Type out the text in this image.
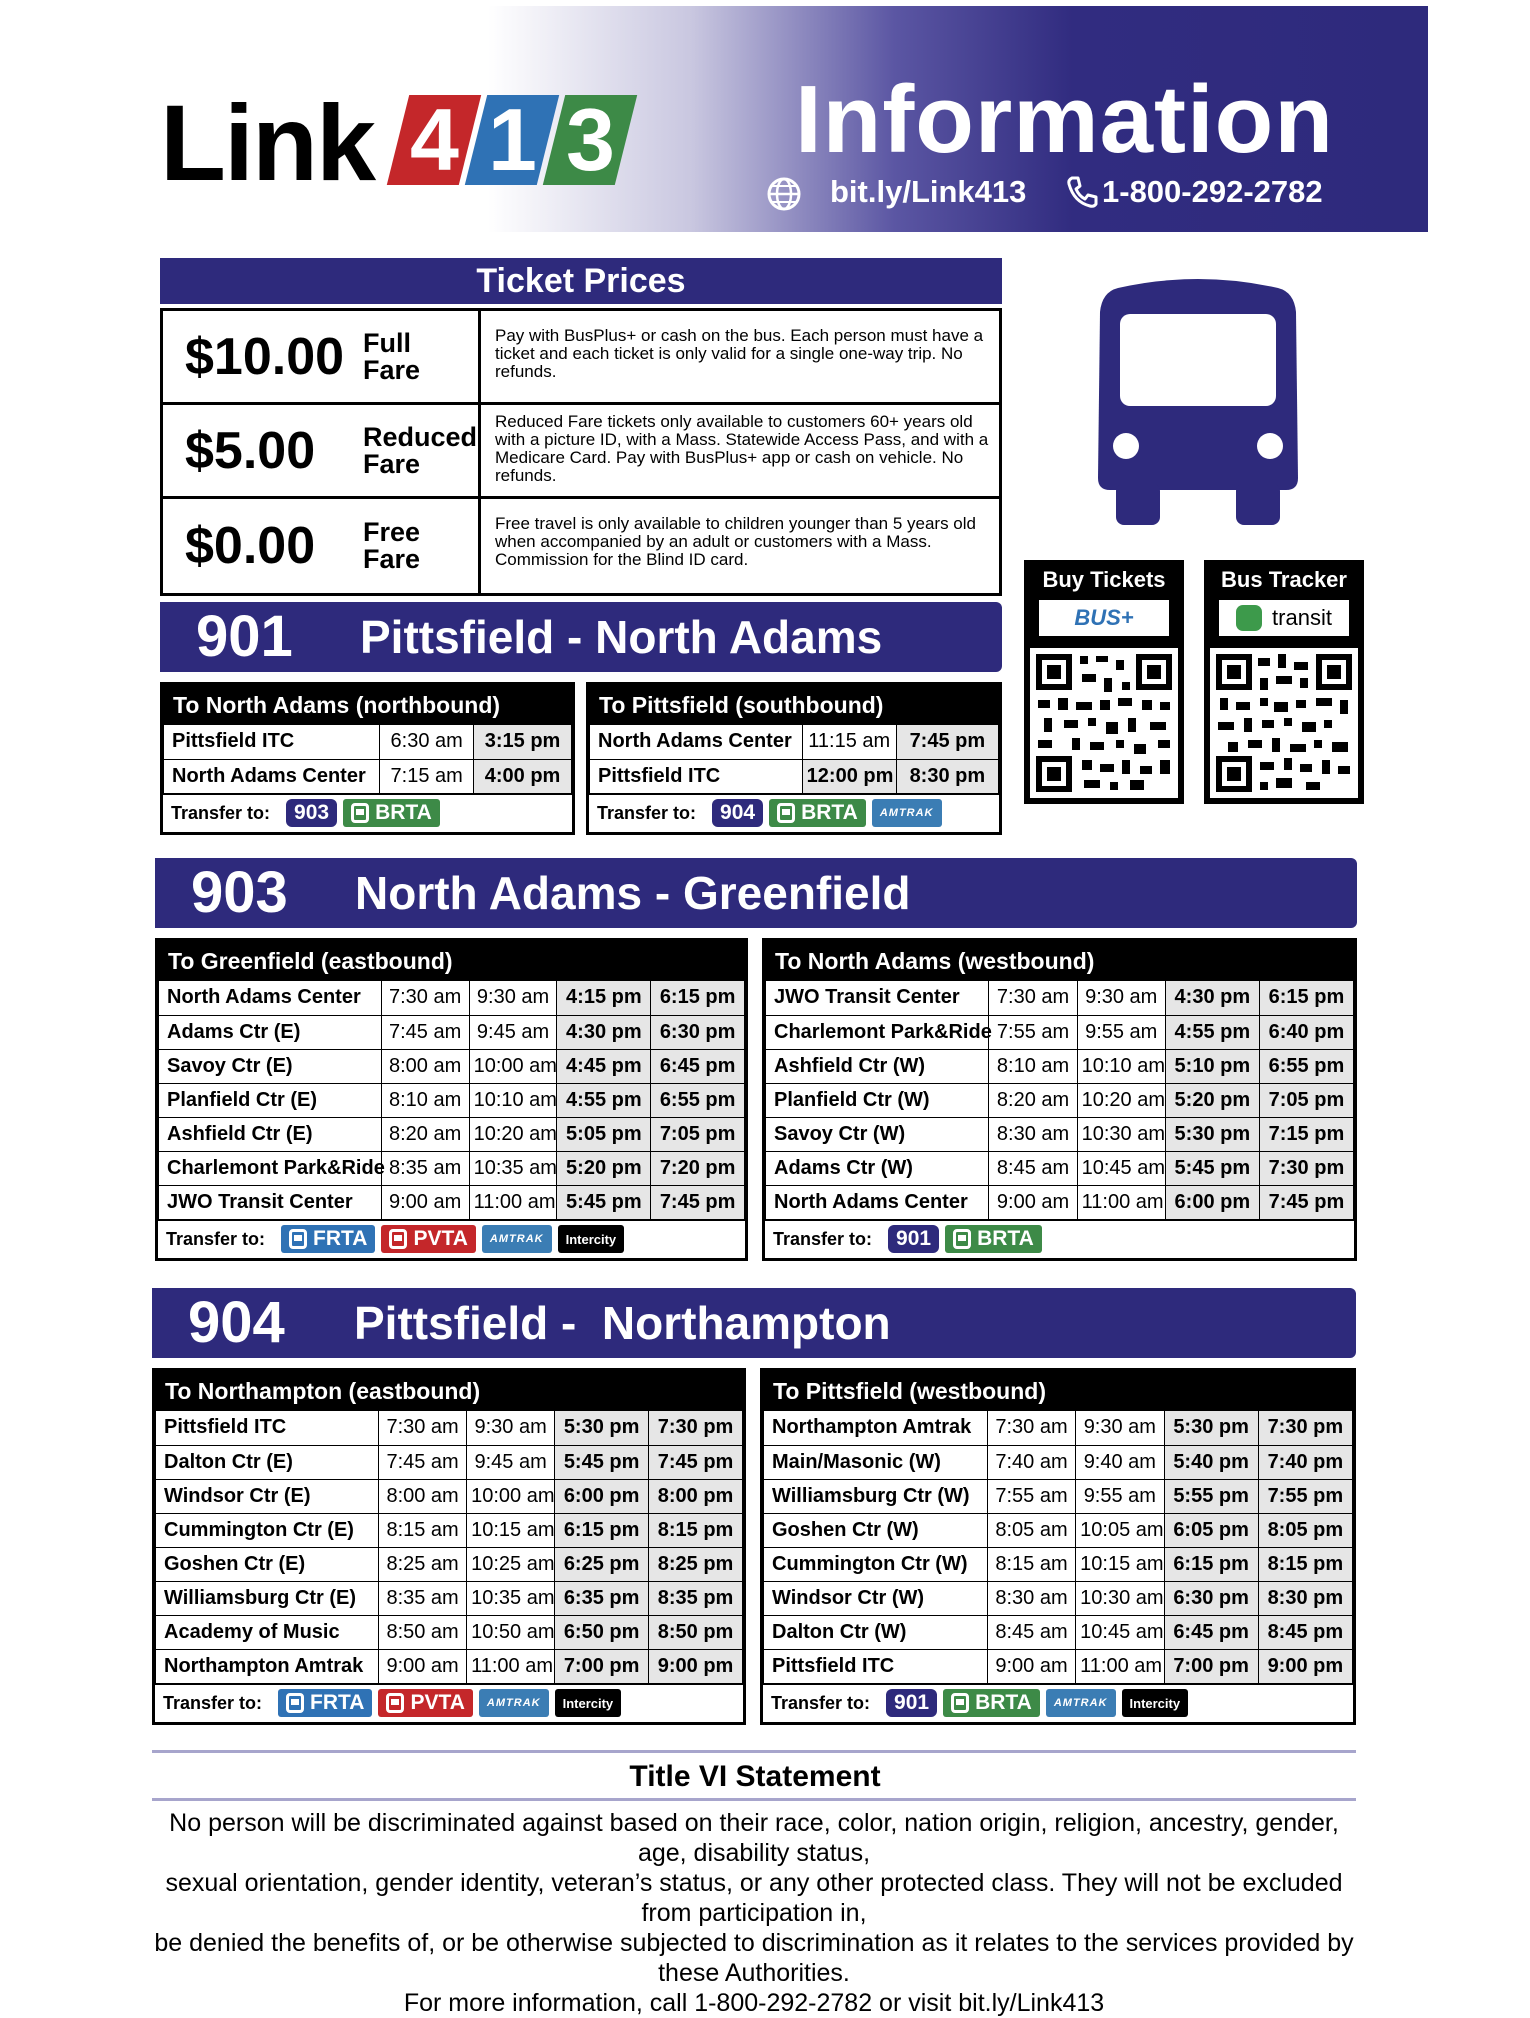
Link 4 1 3 Information
bit.ly/Link413 1-800-292-2782
Ticket Prices
$10.00 Full
Fare
Pay with BusPlus+ or cash on the bus. Each person must have a ticket and each ticket is only valid for a single one-way trip. No refunds.
$5.00 Reduced
Fare
Reduced Fare tickets only available to customers 60+ years old with a picture ID, with a Mass. Statewide Access Pass, and with a Medicare Card. Pay with BusPlus+ app or cash on vehicle. No refunds.
$0.00 Free
Fare
Free travel is only available to children younger than 5 years old when accompanied by an adult or customers with a Mass. Commission for the Blind ID card.
Buy Tickets
BUS+
Bus Tracker
transit
901 Pittsfield - North Adams
To North Adams (northbound)
Pittsfield ITC	6:30 am	3:15 pm
North Adams Center	7:15 am	4:00 pm
Transfer to:	903	BRTA
To Pittsfield (southbound)
North Adams Center	11:15 am	7:45 pm
Pittsfield ITC	12:00 pm	8:30 pm
Transfer to:	904	BRTA	AMTRAK
903 North Adams - Greenfield
To Greenfield (eastbound)
North Adams Center	7:30 am	9:30 am	4:15 pm	6:15 pm
Adams Ctr (E)	7:45 am	9:45 am	4:30 pm	6:30 pm
Savoy Ctr (E)	8:00 am	10:00 am	4:45 pm	6:45 pm
Planfield Ctr (E)	8:10 am	10:10 am	4:55 pm	6:55 pm
Ashfield Ctr (E)	8:20 am	10:20 am	5:05 pm	7:05 pm
Charlemont Park&Ride	8:35 am	10:35 am	5:20 pm	7:20 pm
JWO Transit Center	9:00 am	11:00 am	5:45 pm	7:45 pm
Transfer to: FRTA PVTA	AMTRAK	Intercity
To North Adams (westbound)
JWO Transit Center	7:30 am	9:30 am	4:30 pm	6:15 pm
Charlemont Park&Ride	7:55 am	9:55 am	4:55 pm	6:40 pm
Ashfield Ctr (W)	8:10 am	10:10 am	5:10 pm	6:55 pm
Planfield Ctr (W)	8:20 am	10:20 am	5:20 pm	7:05 pm
Savoy Ctr (W)	8:30 am	10:30 am	5:30 pm	7:15 pm
Adams Ctr (W)	8:45 am	10:45 am	5:45 pm	7:30 pm
North Adams Center	9:00 am	11:00 am	6:00 pm	7:45 pm
Transfer to:	901	BRTA
904 Pittsfield -  Northampton
To Northampton (eastbound)
Pittsfield ITC	7:30 am	9:30 am	5:30 pm	7:30 pm
Dalton Ctr (E)	7:45 am	9:45 am	5:45 pm	7:45 pm
Windsor Ctr (E)	8:00 am	10:00 am	6:00 pm	8:00 pm
Cummington Ctr (E)	8:15 am	10:15 am	6:15 pm	8:15 pm
Goshen Ctr (E)	8:25 am	10:25 am	6:25 pm	8:25 pm
Williamsburg Ctr (E)	8:35 am	10:35 am	6:35 pm	8:35 pm
Academy of Music	8:50 am	10:50 am	6:50 pm	8:50 pm
Northampton Amtrak	9:00 am	11:00 am	7:00 pm	9:00 pm
Transfer to: FRTA PVTA	AMTRAK	Intercity
To Pittsfield (westbound)
Northampton Amtrak	7:30 am	9:30 am	5:30 pm	7:30 pm
Main/Masonic (W)	7:40 am	9:40 am	5:40 pm	7:40 pm
Williamsburg Ctr (W)	7:55 am	9:55 am	5:55 pm	7:55 pm
Goshen Ctr (W)	8:05 am	10:05 am	6:05 pm	8:05 pm
Cummington Ctr (W)	8:15 am	10:15 am	6:15 pm	8:15 pm
Windsor Ctr (W)	8:30 am	10:30 am	6:30 pm	8:30 pm
Dalton Ctr (W)	8:45 am	10:45 am	6:45 pm	8:45 pm
Pittsfield ITC	9:00 am	11:00 am	7:00 pm	9:00 pm
Transfer to:	901	BRTA	AMTRAK	Intercity
Title VI Statement
No person will be discriminated against based on their race, color, nation origin, religion, ancestry, gender, age, disability status,
sexual orientation, gender identity, veteran’s status, or any other protected class. They will not be excluded from participation in,
be denied the benefits of, or be otherwise subjected to discrimination as it relates to the services provided by these Authorities.
For more information, call 1-800-292-2782 or visit bit.ly/Link413
